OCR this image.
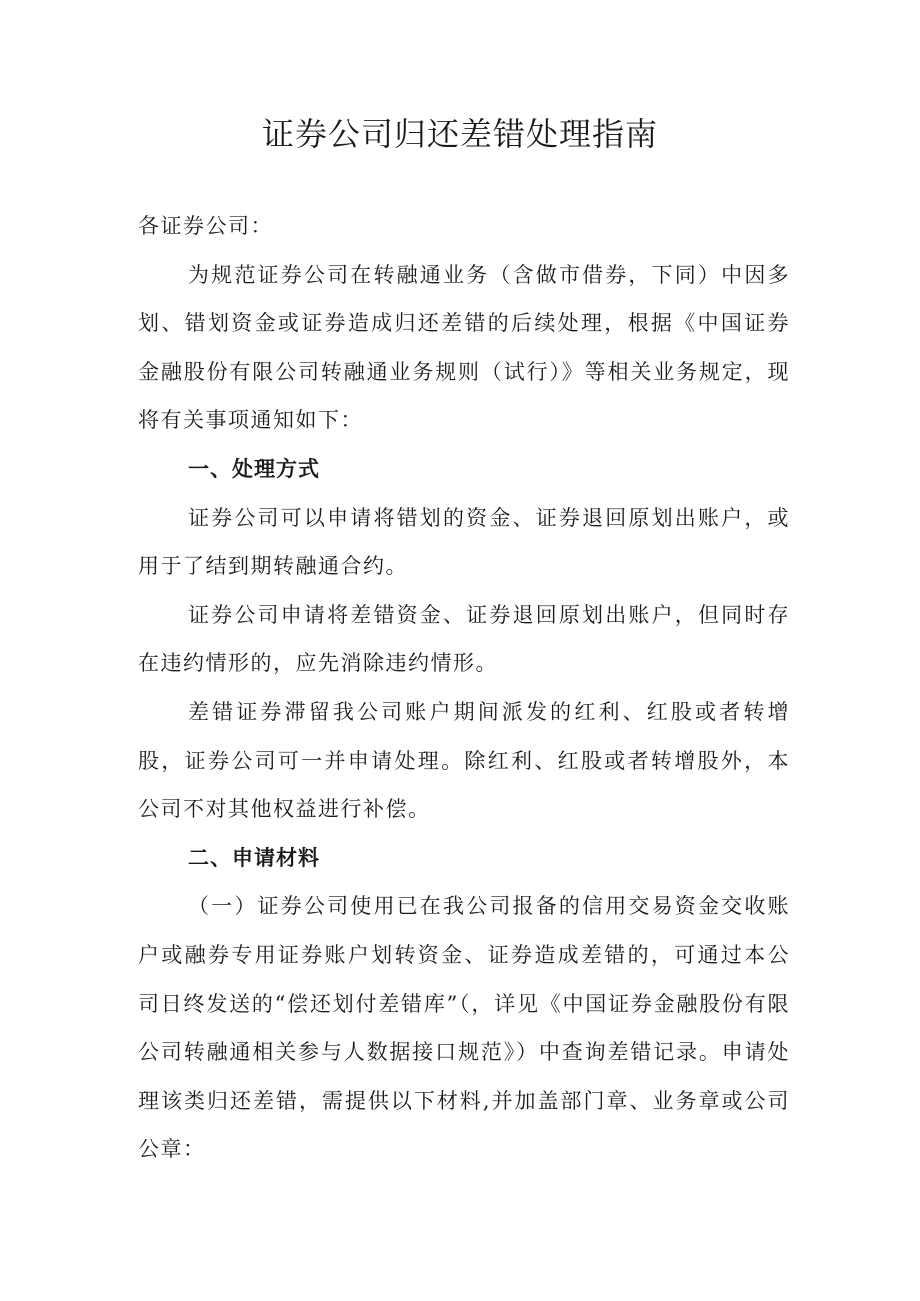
证券公司归还差错处理指南

各证券公司：

为规范证券公司在转融通业务（含做市借券，下同）中因多划、错划资金或证券造成归还差错的后续处理，根据《中国证券金融股份有限公司转融通业务规则（试行）》等相关业务规定，现将有关事项通知如下：

一、处理方式

证券公司可以申请将错划的资金、证券退回原划出账户，或用于了结到期转融通合约。

证券公司申请将差错资金、证券退回原划出账户，但同时存在违约情形的，应先消除违约情形。

差错证券滞留我公司账户期间派发的红利、红股或者转增股，证券公司可一并申请处理。除红利、红股或者转增股外，本公司不对其他权益进行补偿。

二、申请材料

（一）证券公司使用已在我公司报备的信用交易资金交收账户或融券专用证券账户划转资金、证券造成差错的，可通过本公司日终发送的“偿还划付差错库”（，详见《中国证券金融股份有限公司转融通相关参与人数据接口规范》）中查询差错记录。申请处理该类归还差错，需提供以下材料,并加盖部门章、业务章或公司公章：
